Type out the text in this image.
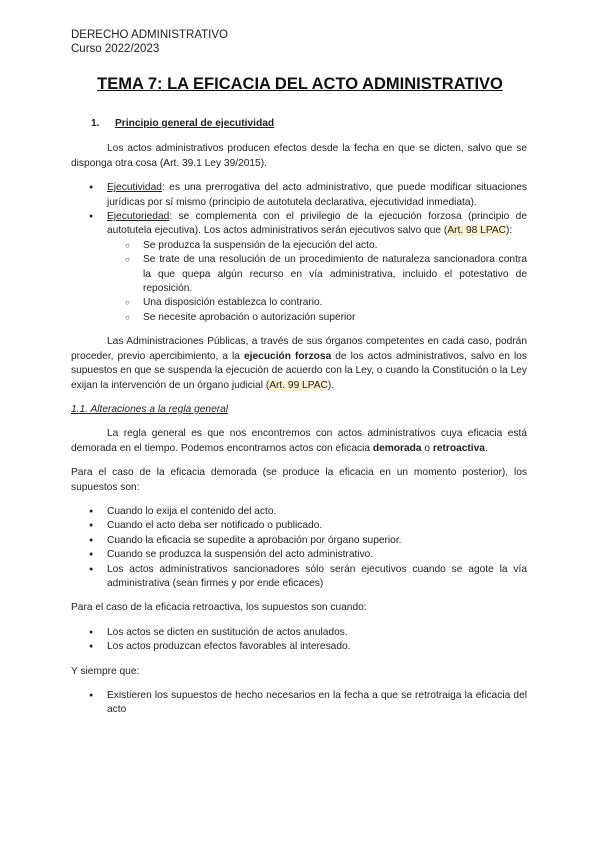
DERECHO ADMINISTRATIVO
Curso 2022/2023
TEMA 7: LA EFICACIA DEL ACTO ADMINISTRATIVO
1. Principio general de ejecutividad

Los actos administrativos producen efectos desde la fecha en que se dicten, salvo que se disponga otra cosa (Art. 39.1 Ley 39/2015).

● Ejecutividad: es una prerrogativa del acto administrativo, que puede modificar situaciones jurídicas por sí mismo (principio de autotutela declarativa, ejecutividad inmediata).
● Ejecutoriedad: se complementa con el privilegio de la ejecución forzosa (principio de autotutela ejecutiva). Los actos administrativos serán ejecutivos salvo que (Art. 98 LPAC):
○ Se produzca la suspensión de la ejecución del acto.
○ Se trate de una resolución de un procedimiento de naturaleza sancionadora contra la que quepa algún recurso en vía administrativa, incluido el potestativo de reposición.
○ Una disposición establezca lo contrario.
○ Se necesite aprobación o autorización superior

Las Administraciones Públicas, a través de sus órganos competentes en cada caso, podrán proceder, previo apercibimiento, a la ejecución forzosa de los actos administrativos, salvo en los supuestos en que se suspenda la ejecución de acuerdo con la Ley, o cuando la Constitución o la Ley exijan la intervención de un órgano judicial (Art. 99 LPAC).

1.1. Alteraciones a la regla general

La regla general es que nos encontremos con actos administrativos cuya eficacia está demorada en el tiempo. Podemos encontrarnos actos con eficacia demorada o retroactiva.

Para el caso de la eficacia demorada (se produce la eficacia en un momento posterior), los supuestos son:

● Cuando lo exija el contenido del acto.
● Cuando el acto deba ser notificado o publicado.
● Cuando la eficacia se supedite a aprobación por órgano superior.
● Cuando se produzca la suspensión del acto administrativo.
● Los actos administrativos sancionadores sólo serán ejecutivos cuando se agote la vía administrativa (sean firmes y por ende eficaces)

Para el caso de la eficacia retroactiva, los supuestos son cuando:

● Los actos se dicten en sustitución de actos anulados.
● Los actos produzcan efectos favorables al interesado.

Y siempre que:

● Existieren los supuestos de hecho necesarios en la fecha a que se retrotraiga la eficacia del acto
